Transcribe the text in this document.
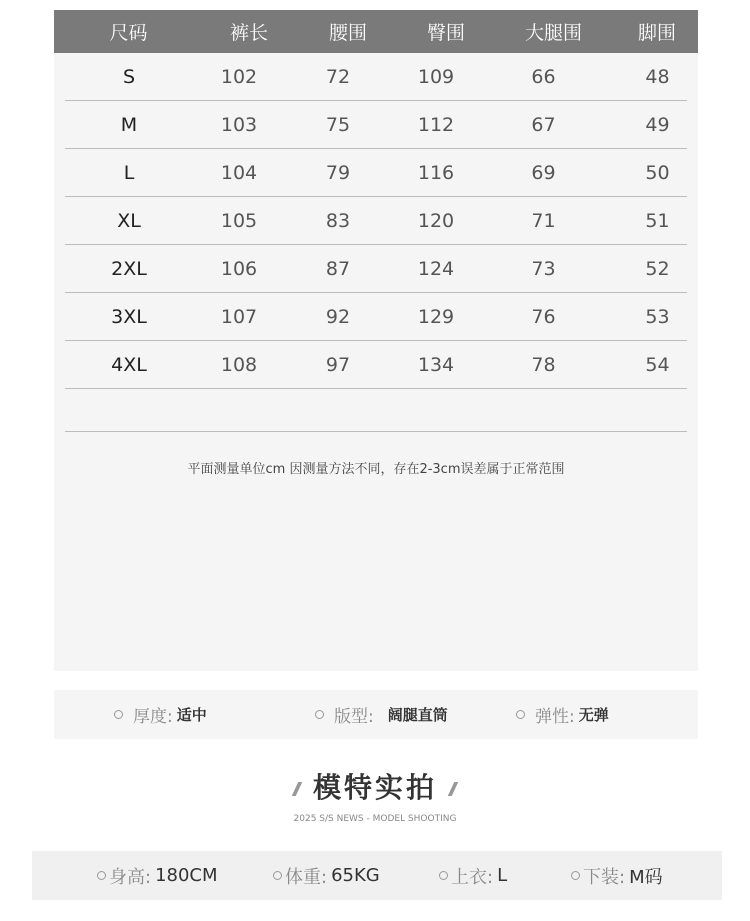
尺码	裤长	腰围	臀围	大腿围	脚围
S	102	72	109	66	48
M	103	75	112	67	49
L	104	79	116	69	50
XL	105	83	120	71	51
2XL	106	87	124	73	52
3XL	107	92	129	76	53
4XL	108	97	134	78	54
平面测量单位cm 因测量方法不同，存在2-3cm误差属于正常范围
厚度: 适中	版型: 阔腿直筒	弹性: 无弹
模特实拍
2025 S/S NEWS - MODEL SHOOTING
身高: 180CM	体重: 65KG	上衣: L	下装: M码
